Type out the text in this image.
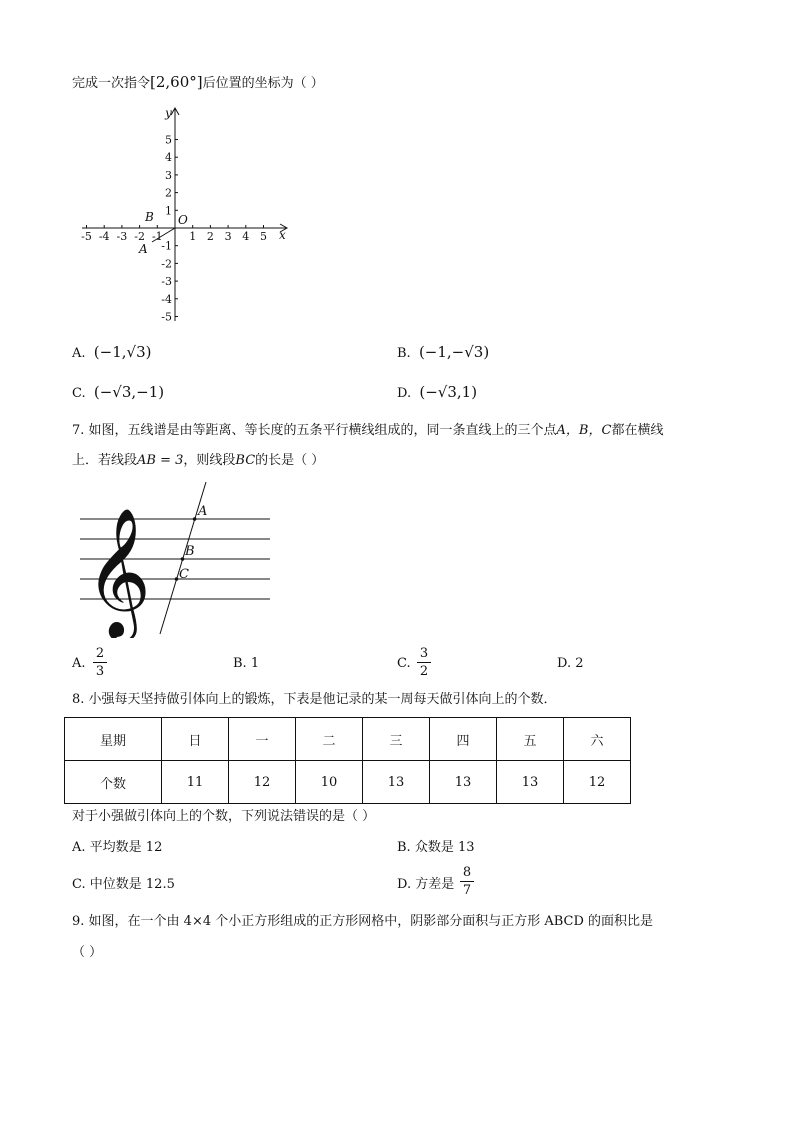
完成一次指令[2,60°]后位置的坐标为（ ）
-5 -4 -3 -2 -1 1 2 3 4 5
5
4
3
2
1
-1
-2
-3
-4
-5
x
y
O
B
A
A. (−1,√3)	B. (−1,−√3)
C. (−√3,−1)	D. (−√3,1)
7. 如图，五线谱是由等距离、等长度的五条平行横线组成的，同一条直线上的三个点A，B，C都在横线
上．若线段AB = 3，则线段BC的长是（ ）
𝄞	A
B
C
A.
2
3
B. 1	C.
3
2
D. 2
8. 小强每天坚持做引体向上的锻炼，下表是他记录的某一周每天做引体向上的个数．
星期	日	一	二	三	四	五	六
个数	11	12	10	13	13	13	12
对于小强做引体向上的个数，下列说法错误的是（ ）
A. 平均数是 12	B. 众数是 13
C. 中位数是 12.5	D. 方差是
8
7
9. 如图，在一个由 4×4 个小正方形组成的正方形网格中，阴影部分面积与正方形 ABCD 的面积比是
（ ）
